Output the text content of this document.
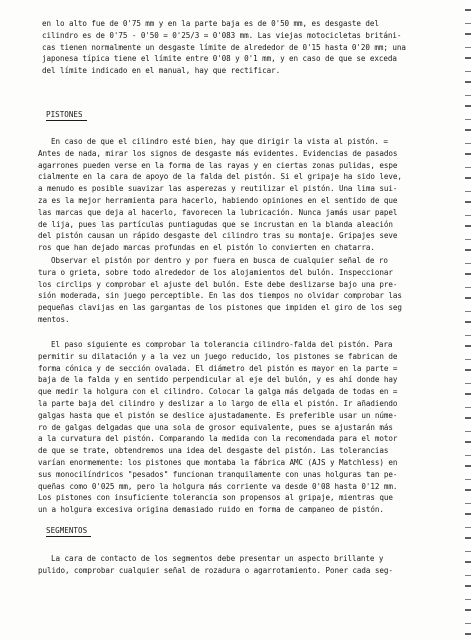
en lo alto fue de 0'75 mm y en la parte baja es de 0'50 mm, es desgaste del
cilindro es de 0'75 - 0'50 = 0'25/3 = 0'083 mm. Las viejas motocicletas británi-
cas tienen normalmente un desgaste límite de alrededor de 0'15 hasta 0'20 mm; una
japonesa típica tiene el límite entre 0'08 y 0'1 mm, y en caso de que se exceda
del límite indicado en el manual, hay que rectificar.
PISTONES
En caso de que el cilindro esté bien, hay que dirigir la vista al pistón. =
Antes de nada, mirar los signos de desgaste más evidentes. Evidencias de pasados
agarrones pueden verse en la forma de las rayas y en ciertas zonas pulidas, espe
cialmente en la cara de apoyo de la falda del pistón. Si el gripaje ha sido leve,
a menudo es posible suavizar las asperezas y reutilizar el pistón. Una lima sui-
za es la mejor herramienta para hacerlo, habiendo opiniones en el sentido de que
las marcas que deja al hacerlo, favorecen la lubricación. Nunca jamás usar papel
de lija, pues las partículas puntiagudas que se incrustan en la blanda aleación
del pistón causan un rápido desgaste del cilindro tras su montaje. Gripajes seve
ros que han dejado marcas profundas en el pistón lo convierten en chatarra.
Observar el pistón por dentro y por fuera en busca de cualquier señal de ro
tura o grieta, sobre todo alrededor de los alojamientos del bulón. Inspeccionar
los circlips y comprobar el ajuste del bulón. Este debe deslizarse bajo una pre-
sión moderada, sin juego perceptible. En las dos tiempos no olvidar comprobar las
pequeñas clavijas en las gargantas de los pistones que impiden el giro de los seg
mentos.
El paso siguiente es comprobar la tolerancia cilindro-falda del pistón. Para
permitir su dilatación y a la vez un juego reducido, los pistones se fabrican de
forma cónica y de sección ovalada. El diámetro del pistón es mayor en la parte =
baja de la falda y en sentido perpendicular al eje del bulón, y es ahí donde hay
que medir la holgura con el cilindro. Colocar la galga más delgada de todas en =
la parte baja del cilindro y deslizar a lo largo de ella el pistón. Ir añadiendo
galgas hasta que el pistón se deslice ajustadamente. Es preferible usar un núme-
ro de galgas delgadas que una sola de grosor equivalente, pues se ajustarán más
a la curvatura del pistón. Comparando la medida con la recomendada para el motor
de que se trate, obtendremos una idea del desgaste del pistón. Las tolerancias
varían enormemente: los pistones que montaba la fábrica AMC (AJS y Matchless) en
sus monocilíndricos "pesados" funcionan tranquilamente con unas holguras tan pe-
queñas como 0'025 mm, pero la holgura más corriente va desde 0'08 hasta 0'12 mm.
Los pistones con insuficiente tolerancia son propensos al gripaje, mientras que
un a holgura excesiva origina demasiado ruido en forma de campaneo de pistón.
SEGMENTOS
La cara de contacto de los segmentos debe presentar un aspecto brillante y
pulido, comprobar cualquier señal de rozadura o agarrotamiento. Poner cada seg-
